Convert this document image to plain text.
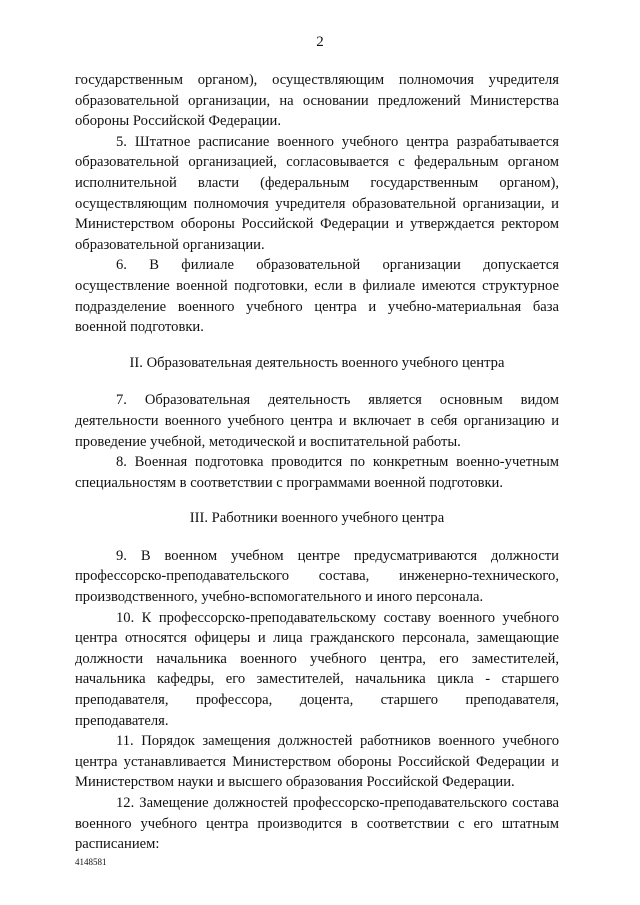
2

государственным органом), осуществляющим полномочия учредителя образовательной организации, на основании предложений Министерства обороны Российской Федерации.

5. Штатное расписание военного учебного центра разрабатывается образовательной организацией, согласовывается с федеральным органом исполнительной власти (федеральным государственным органом), осуществляющим полномочия учредителя образовательной организации, и Министерством обороны Российской Федерации и утверждается ректором образовательной организации.

6. В филиале образовательной организации допускается осуществление военной подготовки, если в филиале имеются структурное подразделение военного учебного центра и учебно-материальная база военной подготовки.

II. Образовательная деятельность военного учебного центра

7. Образовательная деятельность является основным видом деятельности военного учебного центра и включает в себя организацию и проведение учебной, методической и воспитательной работы.

8. Военная подготовка проводится по конкретным военно-учетным специальностям в соответствии с программами военной подготовки.

III. Работники военного учебного центра

9. В военном учебном центре предусматриваются должности профессорско-преподавательского состава, инженерно-технического, производственного, учебно-вспомогательного и иного персонала.

10. К профессорско-преподавательскому составу военного учебного центра относятся офицеры и лица гражданского персонала, замещающие должности начальника военного учебного центра, его заместителей, начальника кафедры, его заместителей, начальника цикла - старшего преподавателя, профессора, доцента, старшего преподавателя, преподавателя.

11. Порядок замещения должностей работников военного учебного центра устанавливается Министерством обороны Российской Федерации и Министерством науки и высшего образования Российской Федерации.

12. Замещение должностей профессорско-преподавательского состава военного учебного центра производится в соответствии с его штатным расписанием:

4148581
